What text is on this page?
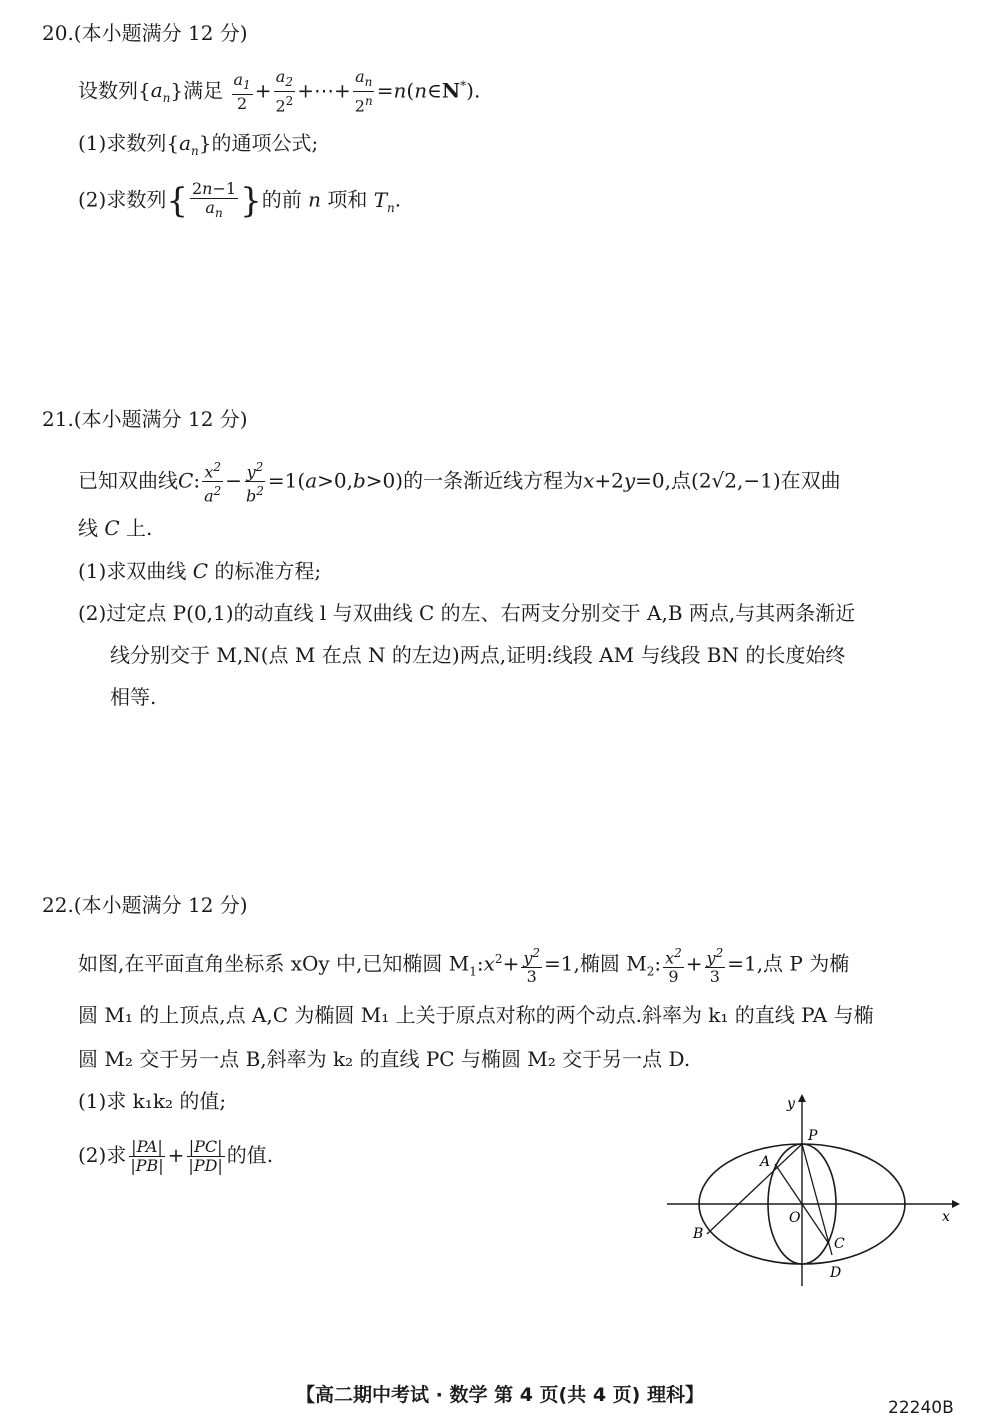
20.(本小题满分 12 分)
设数列$\{a_n\}$满足 $\frac{a_1}{2} + \frac{a_2}{2^2}$ +⋯+ $\frac{a_n}{2^n}$ =n(n∈N*).
(1)求数列$\{a_n\}$的通项公式;
(2)求数列{ $\frac{2n-1}{a_n}$ }的前 n 项和 $T_n$.
21.(本小题满分 12 分)
已知双曲线C: $\frac{x^2}{a^2} - \frac{y^2}{b^2} =1(a>0,b>0)$的一条渐近线方程为x+2y=0,点(2√2,−1)在双曲
线 C 上.
(1)求双曲线 C 的标准方程;
(2)过定点 P(0,1)的动直线 l 与双曲线 C 的左、右两支分别交于 A,B 两点,与其两条渐近
线分别交于 M,N(点 M 在点 N 的左边)两点,证明:线段 AM 与线段 BN 的长度始终
相等.
22.(本小题满分 12 分)
如图,在平面直角坐标系 xOy 中,已知椭圆 $M_1:x^2+ \frac{y^2}{3} =1$,椭圆 $M_2$: $\frac{x^2}{9} + \frac{y^2}{3} =1$,点 P 为椭
圆 M₁ 的上顶点,点 A,C 为椭圆 M₁ 上关于原点对称的两个动点.斜率为 k₁ 的直线 PA 与椭
圆 M₂ 交于另一点 B,斜率为 k₂ 的直线 PC 与椭圆 M₂ 交于另一点 D.
(1)求 k₁k₂ 的值;
(2)求 $\frac{|PA|}{|PB|} + \frac{|PC|}{|PD|}$ 的值.
x
y
P
A
O
B
C
D
【高二期中考试 · 数学 第 4 页(共 4 页) 理科】
22240B
